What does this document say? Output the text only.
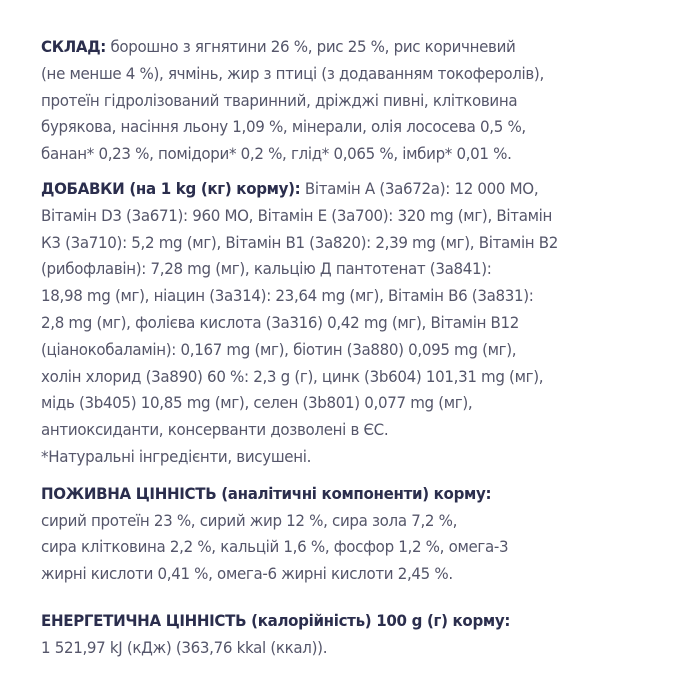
СКЛАД: борошно з ягнятини 26 %, рис 25 %, рис коричневий
(не менше 4 %), ячмінь, жир з птиці (з додаванням токоферолів),
протеїн гідролізований тваринний, дріжджі пивні, клітковина
бурякова, насіння льону 1,09 %, мінерали, олія лососева 0,5 %,
банан* 0,23 %, помідори* 0,2 %, глід* 0,065 %, імбир* 0,01 %.

ДОБАВКИ (на 1 kg (кг) корму): Вітамін А (3а672а): 12 000 МО,
Вітамін D3 (3а671): 960 МО, Вітамін Е (3а700): 320 mg (мг), Вітамін
К3 (3а710): 5,2 mg (мг), Вітамін В1 (3а820): 2,39 mg (мг), Вітамін В2
(рибофлавін): 7,28 mg (мг), кальцію Д пантотенат (3а841):
18,98 mg (мг), ніацин (3а314): 23,64 mg (мг), Вітамін В6 (3а831):
2,8 mg (мг), фолієва кислота (3а316) 0,42 mg (мг), Вітамін В12
(ціанокобаламін): 0,167 mg (мг), біотин (3а880) 0,095 mg (мг),
холін хлорид (3а890) 60 %: 2,3 g (г), цинк (3b604) 101,31 mg (мг),
мідь (3b405) 10,85 mg (мг), селен (3b801) 0,077 mg (мг),
антиоксиданти, консерванти дозволені в ЄС.
*Натуральні інгредієнти, висушені.

ПОЖИВНА ЦІННІСТЬ (аналітичні компоненти) корму:
сирий протеїн 23 %, сирий жир 12 %, сира зола 7,2 %,
сира клітковина 2,2 %, кальцій 1,6 %, фосфор 1,2 %, омега-3
жирні кислоти 0,41 %, омега-6 жирні кислоти 2,45 %.

ЕНЕРГЕТИЧНА ЦІННІСТЬ (калорійність) 100 g (г) корму:
1 521,97 kJ (кДж) (363,76 kkal (ккал)).
